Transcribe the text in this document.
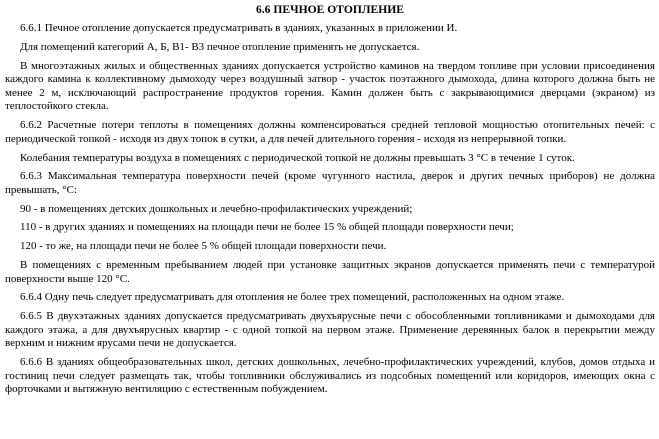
6.6 ПЕЧНОЕ ОТОПЛЕНИЕ

6.6.1 Печное отопление допускается предусматривать в зданиях, указанных в приложении И.

Для помещений категорий А, Б, В1- В3 печное отопление применять не допускается.

В многоэтажных жилых и общественных зданиях допускается устройство каминов на твердом топливе при условии присоединения каждого камина к коллективному дымоходу через воздушный затвор - участок поэтажного дымохода, длина которого должна быть не менее 2 м, исключающий распространение продуктов горения. Камин должен быть с закрывающимися дверцами (экраном) из теплостойкого стекла.

6.6.2 Расчетные потери теплоты в помещениях должны компенсироваться средней тепловой мощностью отопительных печей: с периодической топкой - исходя из двух топок в сутки, а для печей длительного горения - исходя из непрерывной топки.

Колебания температуры воздуха в помещениях с периодической топкой не должны превышать 3 °С в течение 1 суток.

6.6.3 Максимальная температура поверхности печей (кроме чугунного настила, дверок и других печных приборов) не должна превышать, °С:

90 - в помещениях детских дошкольных и лечебно-профилактических учреждений;

110 - в других зданиях и помещениях на площади печи не более 15 % общей площади поверхности печи;

120 - то же, на площади печи не более 5 % общей площади поверхности печи.

В помещениях с временным пребыванием людей при установке защитных экранов допускается применять печи с температурой поверхности выше 120 °С.

6.6.4 Одну печь следует предусматривать для отопления не более трех помещений, расположенных на одном этаже.

6.6.5 В двухэтажных зданиях допускается предусматривать двухъярусные печи с обособленными топливниками и дымоходами для каждого этажа, а для двухъярусных квартир - с одной топкой на первом этаже. Применение деревянных балок в перекрытии между верхним и нижним ярусами печи не допускается.

6.6.6 В зданиях общеобразовательных школ, детских дошкольных, лечебно-профилактических учреждений, клубов, домов отдыха и гостиниц печи следует размещать так, чтобы топливники обслуживались из подсобных помещений или коридоров, имеющих окна с форточками и вытяжную вентиляцию с естественным побуждением.
